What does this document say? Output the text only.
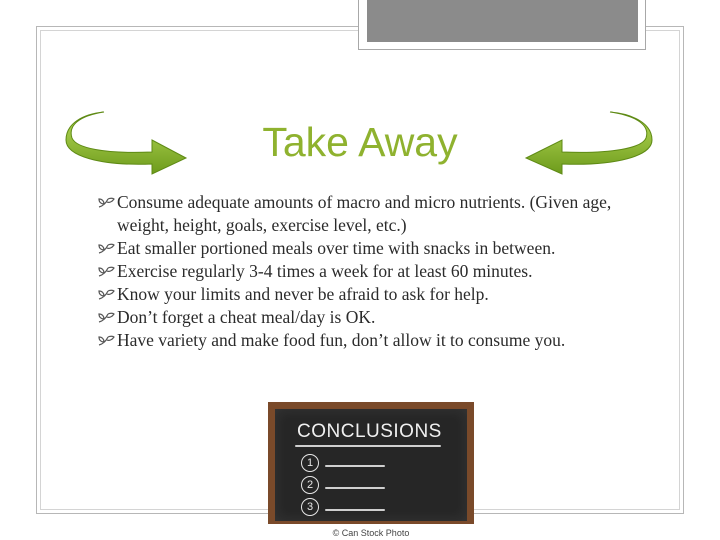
Take Away
Consume adequate amounts of macro and micro nutrients. (Given age, weight, height, goals, exercise level, etc.)
Eat smaller portioned meals over time with snacks in between.
Exercise regularly 3-4 times a week for at least 60 minutes.
Know your limits and never be afraid to ask for help.
Don’t forget a cheat meal/day is OK.
Have variety and make food fun, don’t allow it to consume you.
CONCLUSIONS
1
2
3
© Can Stock Photo
